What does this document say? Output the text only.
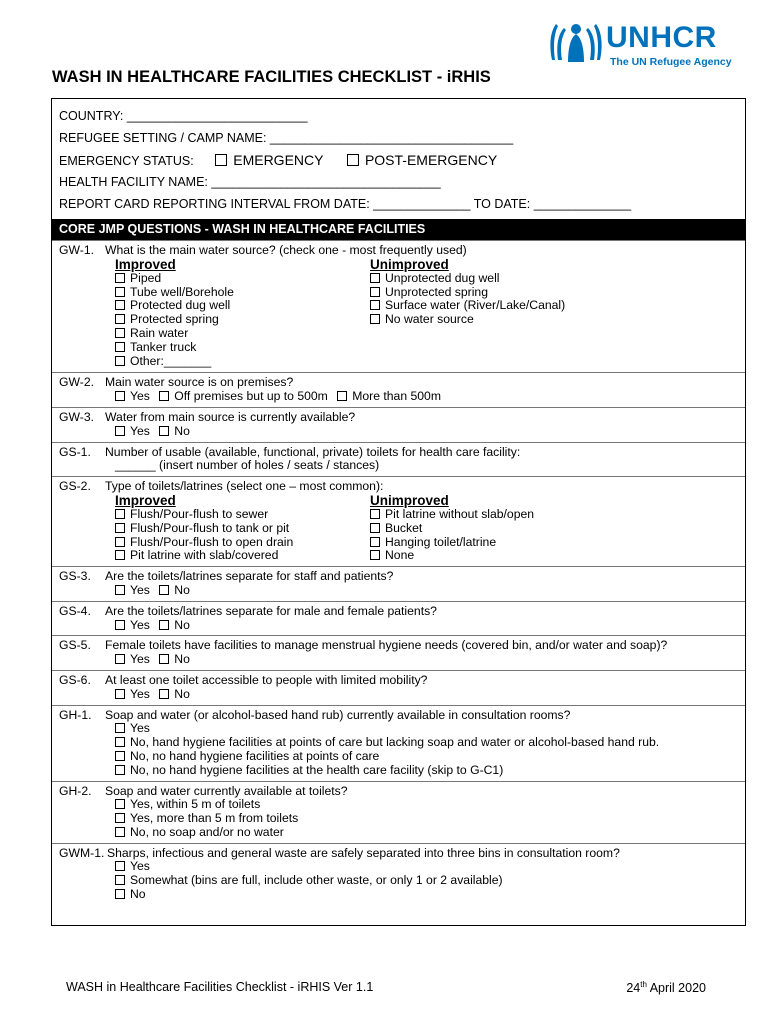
UNHCR
The UN Refugee Agency
WASH IN HEALTHCARE FACILITIES CHECKLIST - iRHIS
COUNTRY: __________________________
REFUGEE SETTING / CAMP NAME: ___________________________________
EMERGENCY STATUS:	EMERGENCY	POST-EMERGENCY
HEALTH FACILITY NAME: _________________________________
REPORT CARD REPORTING INTERVAL FROM DATE: ______________ TO DATE: ______________
CORE JMP QUESTIONS - WASH IN HEALTHCARE FACILITIES
GW-1. What is the main water source? (check one - most frequently used)
Improved
Piped
Tube well/Borehole
Protected dug well
Protected spring
Rain water
Tanker truck
Other:_______
Unimproved
Unprotected dug well
Unprotected spring
Surface water (River/Lake/Canal)
No water source
GW-2. Main water source is on premises?
Yes Off premises but up to 500m More than 500m
GW-3. Water from main source is currently available?
Yes No
GS-1.	Number of usable (available, functional, private) toilets for health care facility:
______ (insert number of holes / seats / stances)
GS-2.	Type of toilets/latrines (select one – most common):
Improved
Flush/Pour-flush to sewer
Flush/Pour-flush to tank or pit
Flush/Pour-flush to open drain
Pit latrine with slab/covered
Unimproved
Pit latrine without slab/open
Bucket
Hanging toilet/latrine
None
GS-3.	Are the toilets/latrines separate for staff and patients?
Yes No
GS-4.	Are the toilets/latrines separate for male and female patients?
Yes No
GS-5.	Female toilets have facilities to manage menstrual hygiene needs (covered bin, and/or water and soap)?
Yes No
GS-6.	At least one toilet accessible to people with limited mobility?
Yes No
GH-1.	Soap and water (or alcohol-based hand rub) currently available in consultation rooms?
Yes
No, hand hygiene facilities at points of care but lacking soap and water or alcohol-based hand rub.
No, no hand hygiene facilities at points of care
No, no hand hygiene facilities at the health care facility (skip to G-C1)
GH-2.	Soap and water currently available at toilets?
Yes, within 5 m of toilets
Yes, more than 5 m from toilets
No, no soap and/or no water
GWM-1. Sharps, infectious and general waste are safely separated into three bins in consultation room?
Yes
Somewhat (bins are full, include other waste, or only 1 or 2 available)
No
WASH in Healthcare Facilities Checklist - iRHIS Ver 1.1	24th April 2020
